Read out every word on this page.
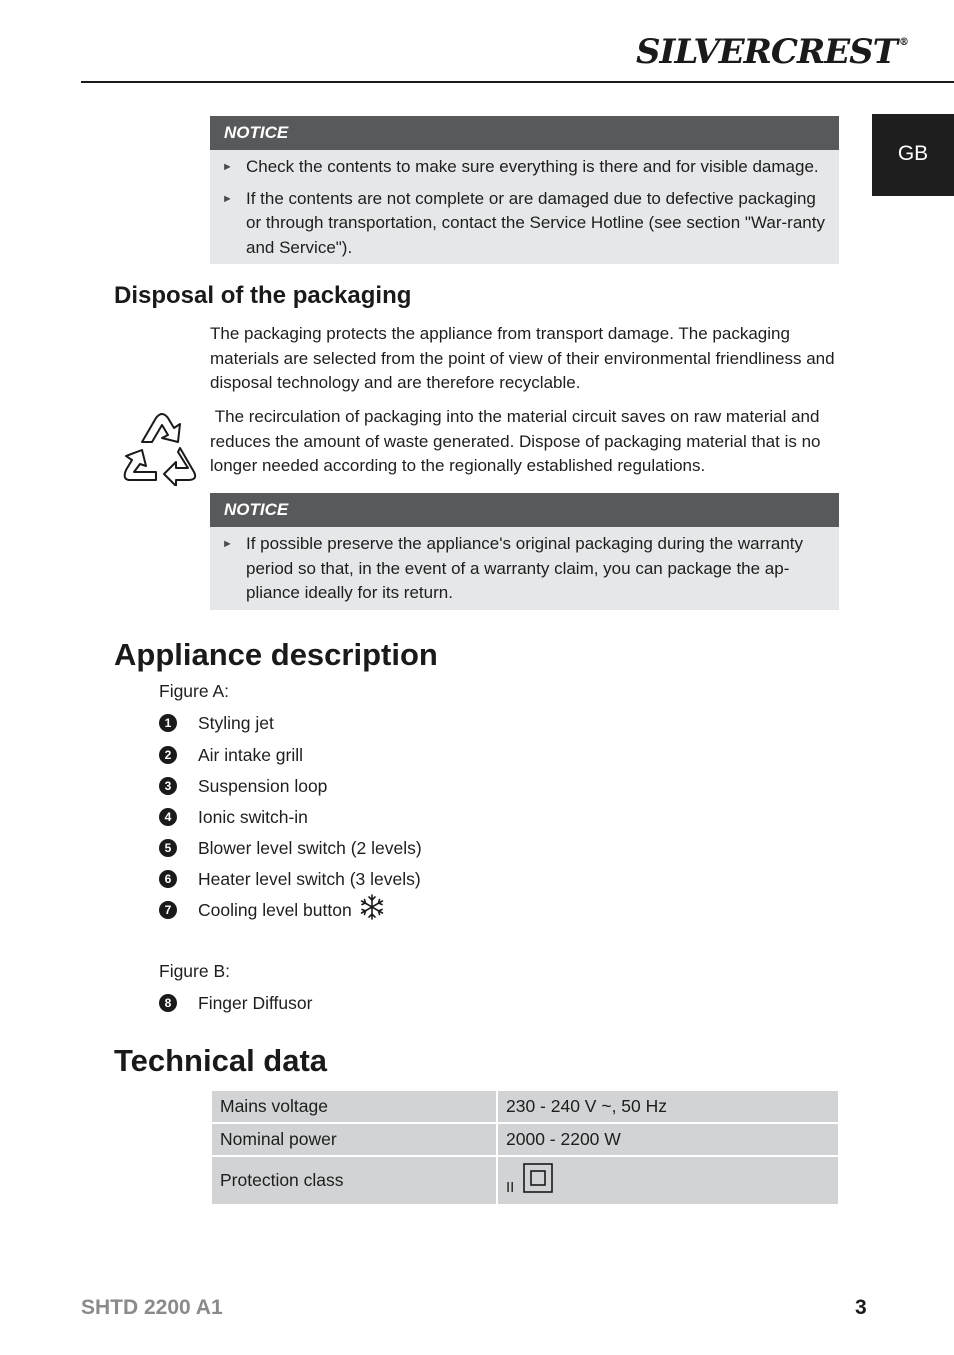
SILVERCREST ®
GB
NOTICE
► Check the contents to make sure everything is there and for visible damage.
► If the contents are not complete or are damaged due to defective packaging or through transportation, contact the Service Hotline (see section "War-ranty and Service").
Disposal of the packaging
The packaging protects the appliance from transport damage. The packaging materials are selected from the point of view of their environmental friendliness and disposal technology and are therefore recyclable.
The recirculation of packaging into the material circuit saves on raw material and reduces the amount of waste generated. Dispose of packaging material that is no longer needed according to the regionally established regulations.
NOTICE
► If possible preserve the appliance's original packaging during the warranty period so that, in the event of a warranty claim, you can package the ap-pliance ideally for its return.
Appliance description
Figure A:
1	Styling jet
2	Air intake grill
3	Suspension loop
4	Ionic switch-in
5	Blower level switch (2 levels)
6	Heater level switch (3 levels)
7	Cooling level button
Figure B:
8	Finger Diffusor
Technical data
Mains voltage	230 - 240 V ~, 50 Hz
Nominal power	2000 - 2200 W
Protection class	II
SHTD 2200 A1	3
